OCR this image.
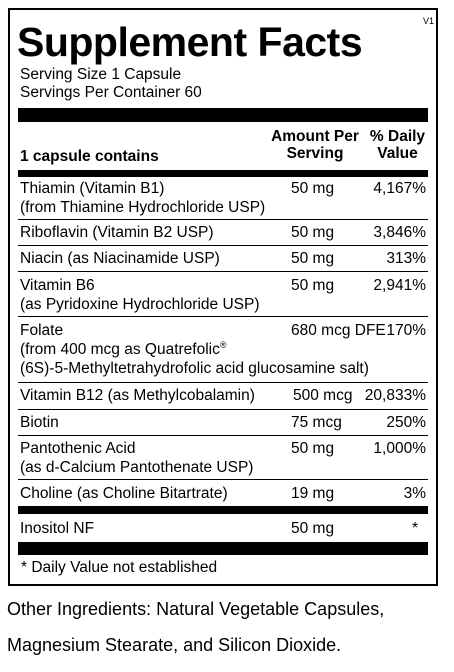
V1
Supplement Facts
Serving Size 1 Capsule
Servings Per Container 60
1 capsule contains
Amount Per
Serving
% Daily
Value
Thiamin (Vitamin B1)
(from Thiamine Hydrochloride USP)
50 mg	4,167%
Riboflavin (Vitamin B2 USP)	50 mg	3,846%
Niacin (as Niacinamide USP)	50 mg	313%
Vitamin B6
(as Pyridoxine Hydrochloride USP)
50 mg	2,941%
Folate
(from 400 mcg as Quatrefolic®
(6S)-5-Methyltetrahydrofolic acid glucosamine salt)
680 mcg DFE 170%
Vitamin B12 (as Methylcobalamin) 500 mcg 20,833%
Biotin	75 mcg	250%
Pantothenic Acid
(as d-Calcium Pantothenate USP)
50 mg	1,000%
Choline (as Choline Bitartrate)	19 mg	3%
Inositol NF	50 mg	*
* Daily Value not established
Other Ingredients: Natural Vegetable Capsules,
Magnesium Stearate, and Silicon Dioxide.
